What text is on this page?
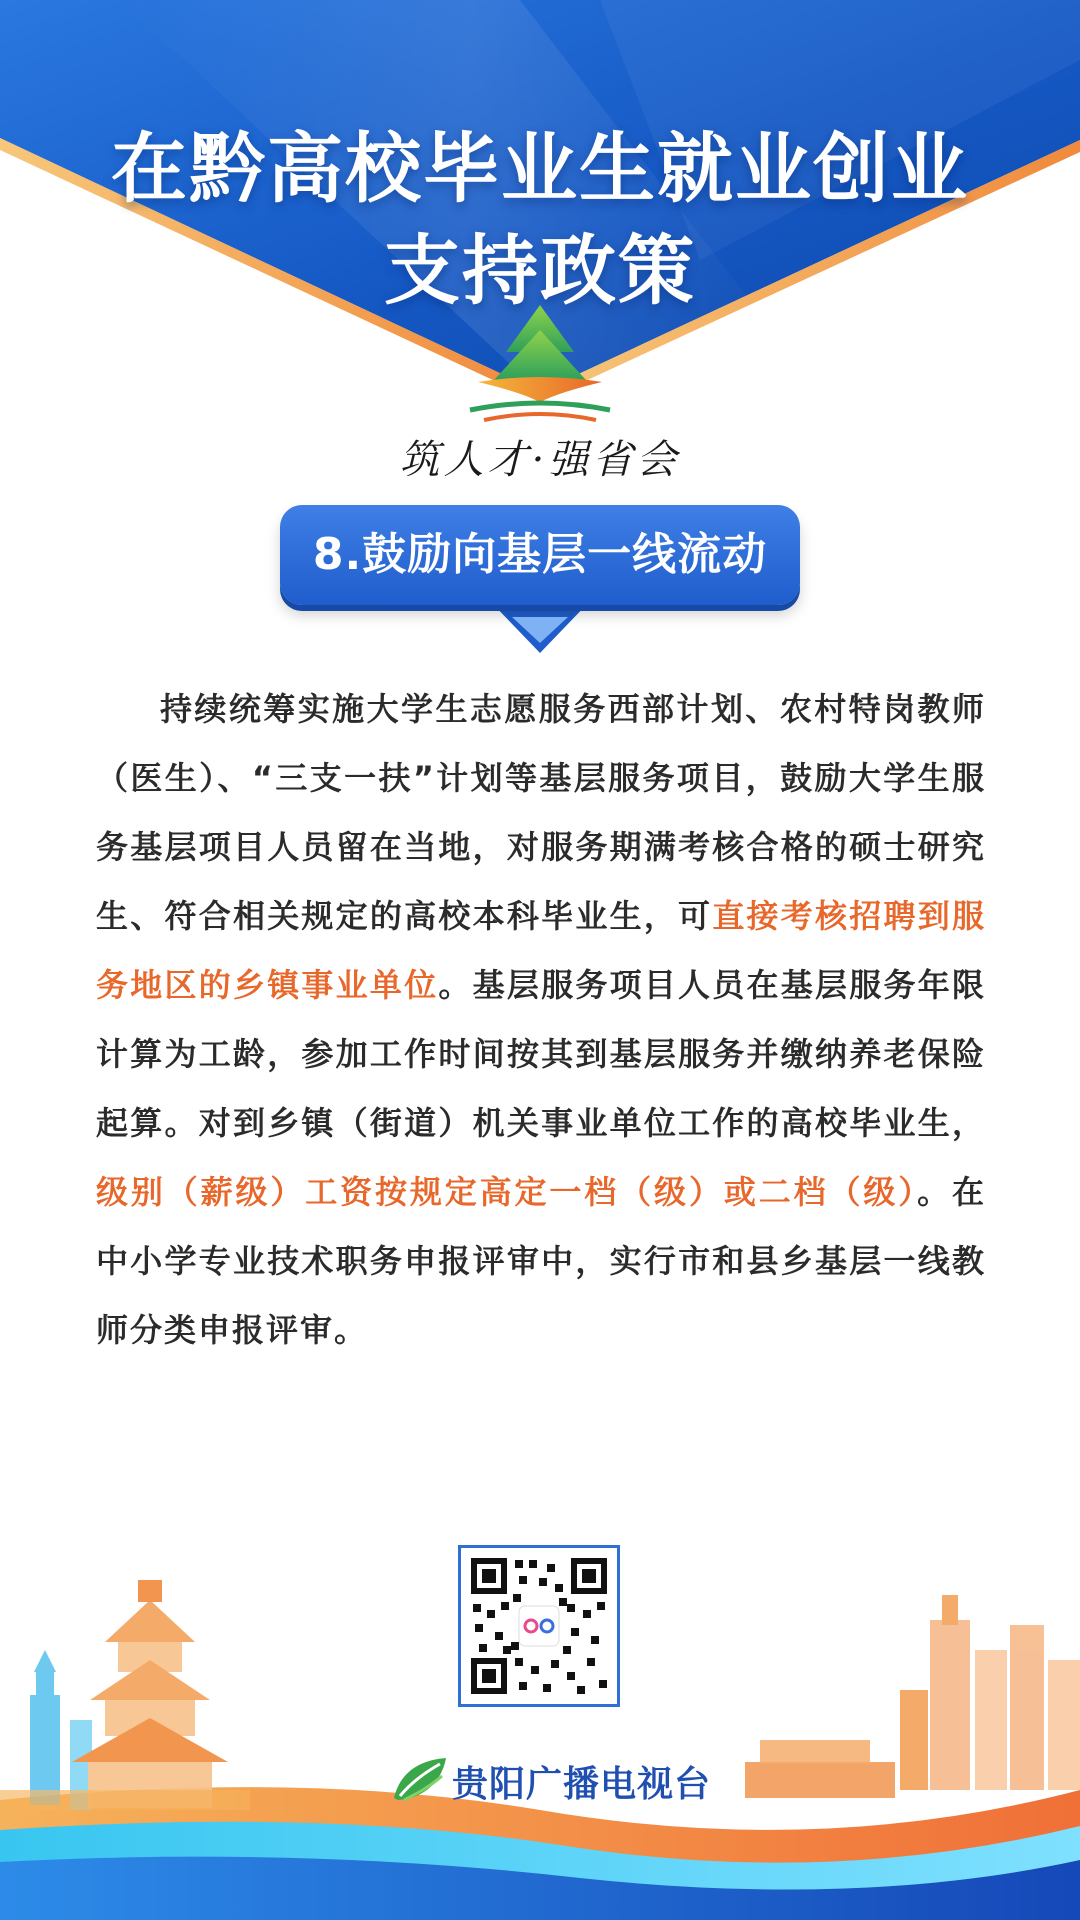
在黔高校毕业生就业创业
支持政策
筑人才·强省会
8.鼓励向基层一线流动

持续统筹实施大学生志愿服务西部计划、农村特岗教师（医生）、“三支一扶”计划等基层服务项目，鼓励大学生服务基层项目人员留在当地，对服务期满考核合格的硕士研究生、符合相关规定的高校本科毕业生，可直接考核招聘到服务地区的乡镇事业单位。基层服务项目人员在基层服务年限计算为工龄，参加工作时间按其到基层服务并缴纳养老保险起算。对到乡镇（街道）机关事业单位工作的高校毕业生，级别（薪级）工资按规定高定一档（级）或二档（级）。在中小学专业技术职务申报评审中，实行市和县乡基层一线教师分类申报评审。

贵阳广播电视台
